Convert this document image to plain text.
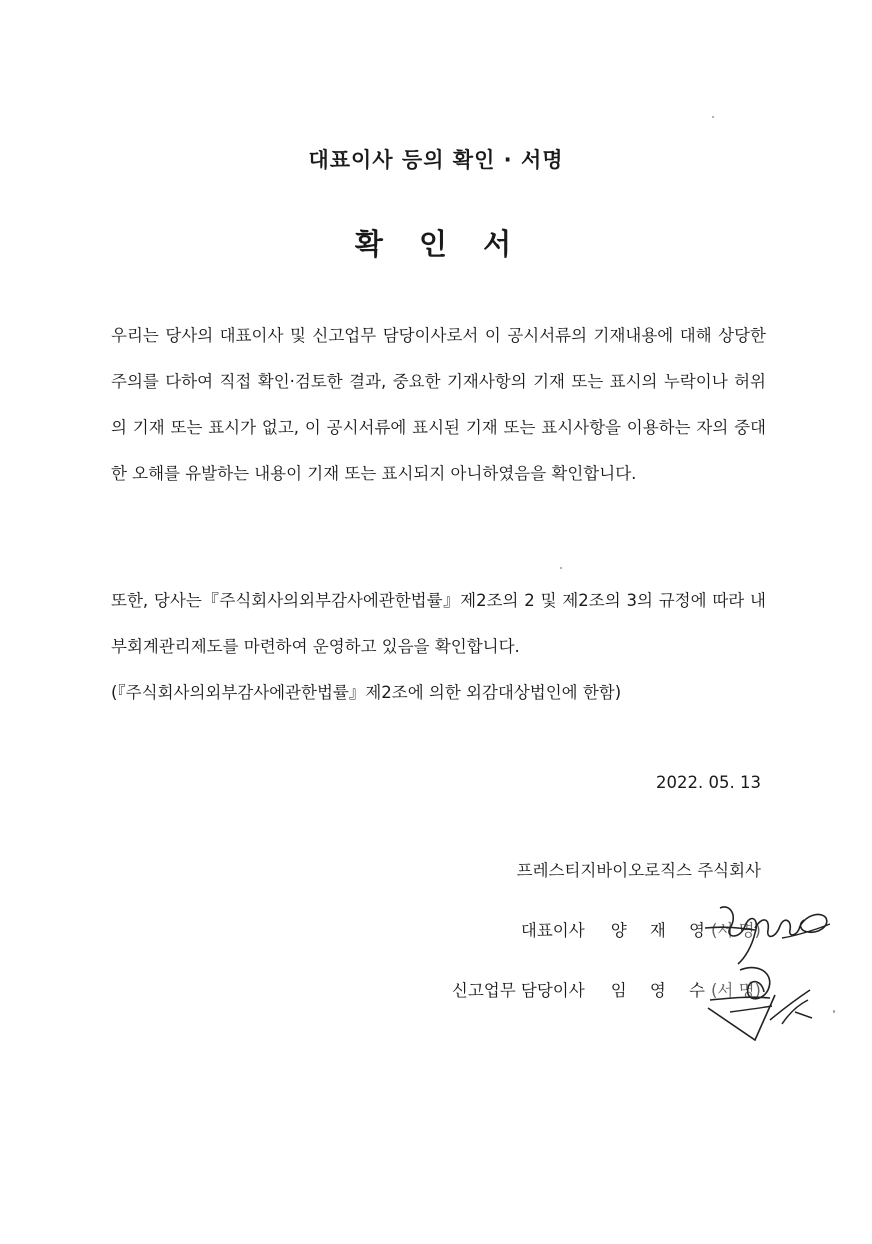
대표이사 등의 확인 · 서명
확 인 서

우리는 당사의 대표이사 및 신고업무 담당이사로서 이 공시서류의 기재내용에 대해 상당한 주의를 다하여 직접 확인·검토한 결과, 중요한 기재사항의 기재 또는 표시의 누락이나 허위의 기재 또는 표시가 없고, 이 공시서류에 표시된 기재 또는 표시사항을 이용하는 자의 중대한 오해를 유발하는 내용이 기재 또는 표시되지 아니하였음을 확인합니다.

또한, 당사는『주식회사의외부감사에관한법률』제2조의 2 및 제2조의 3의 규정에 따라 내부회계관리제도를 마련하여 운영하고 있음을 확인합니다.

(『주식회사의외부감사에관한법률』제2조에 의한 외감대상법인에 한함)

2022. 05. 13
프레스티지바이오로직스 주식회사
대표이사 양 재 영 (서 명)
신고업무 담당이사 임 영 수 (서 명)
